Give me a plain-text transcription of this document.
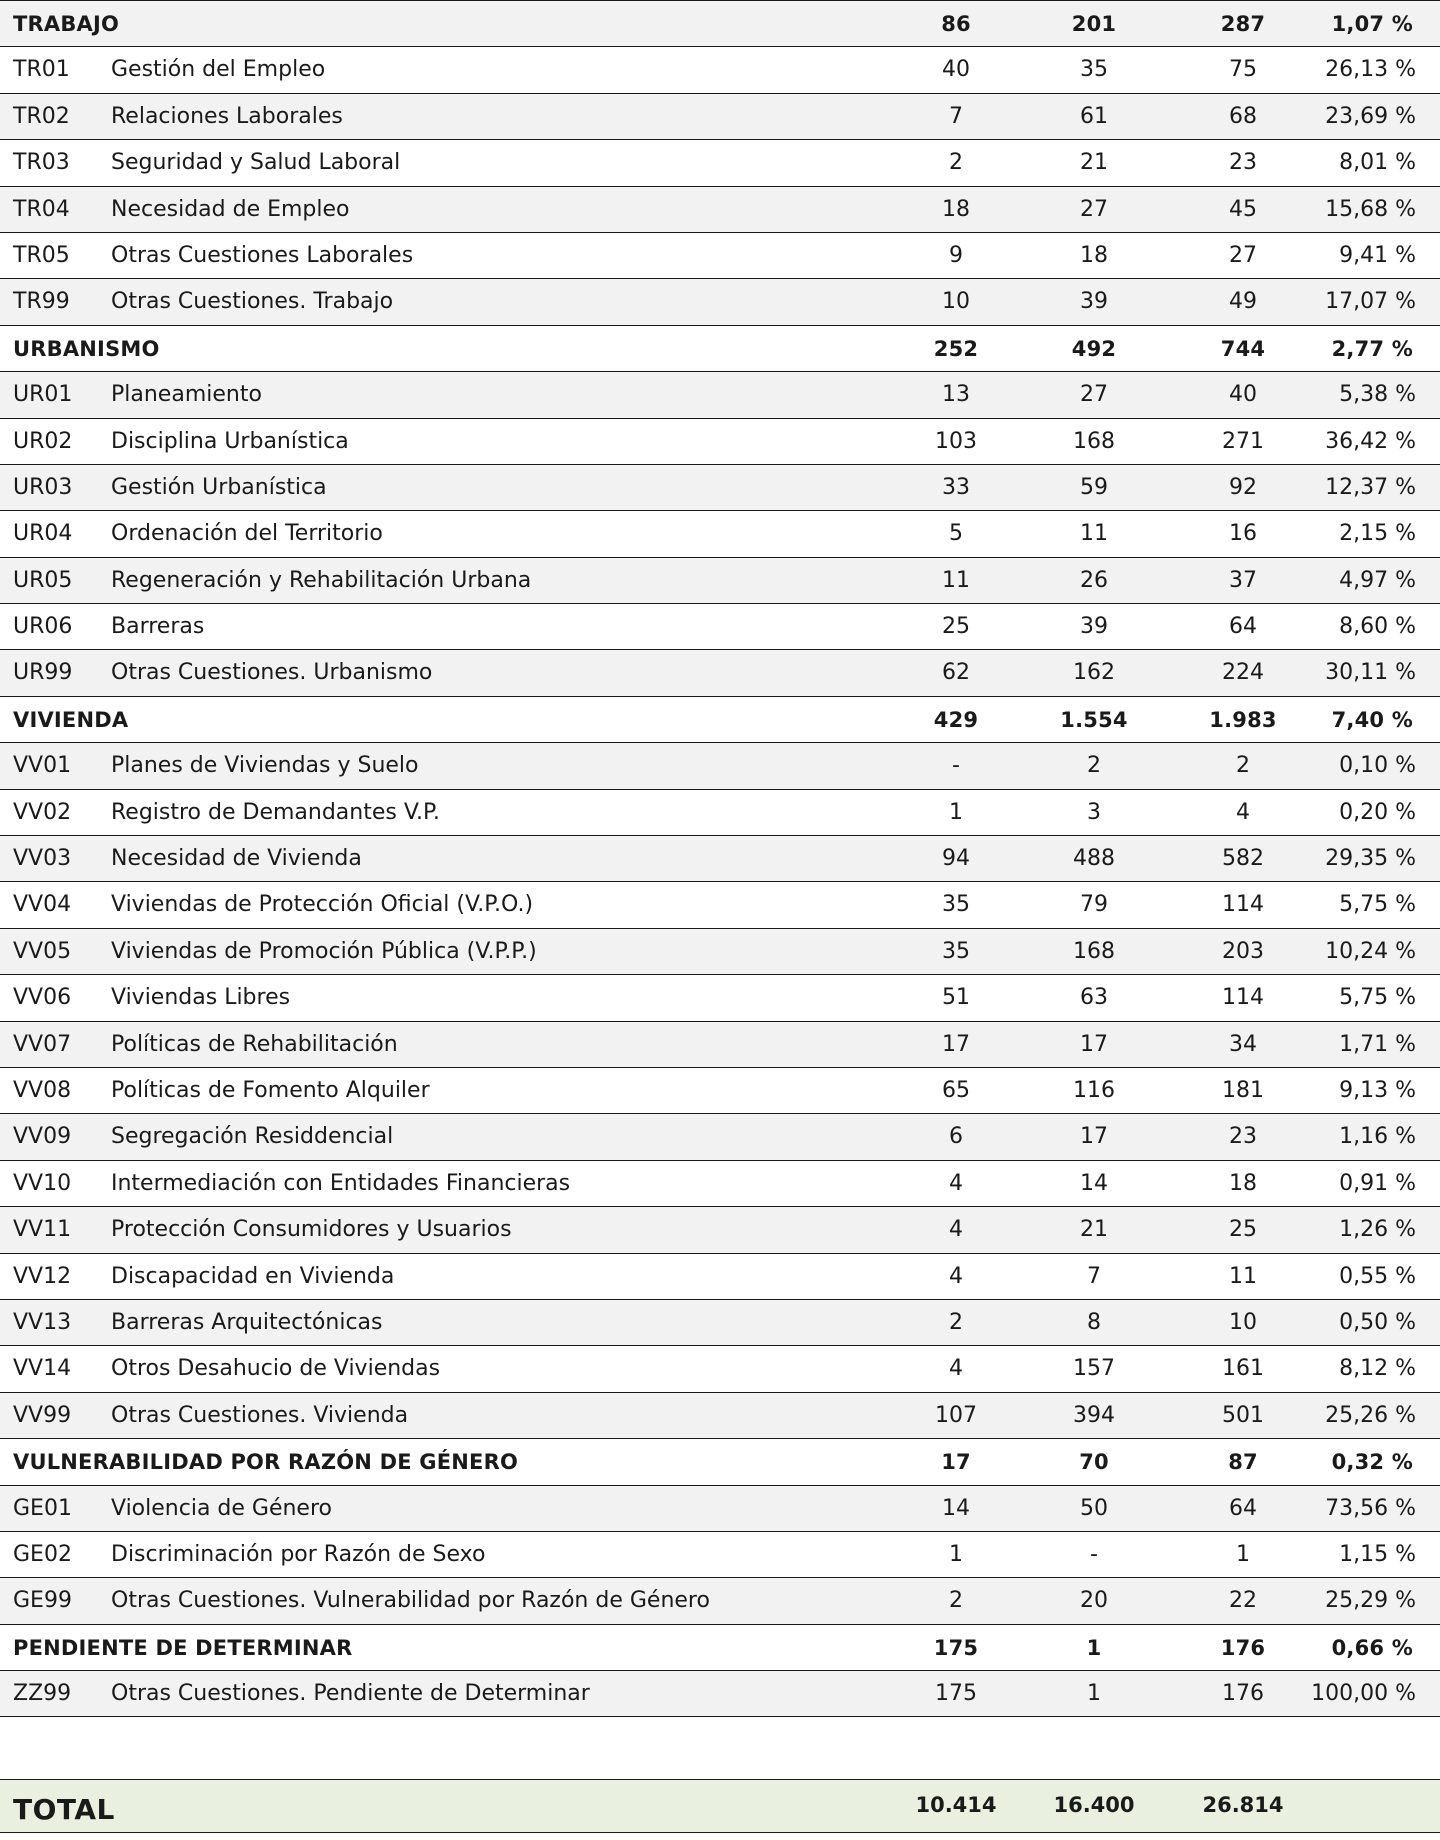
TRABAJO	86	201	287	1,07 %
TR01 Gestión del Empleo	40	35	75	26,13 %
TR02 Relaciones Laborales	7	61	68	23,69 %
TR03 Seguridad y Salud Laboral	2	21	23	8,01 %
TR04 Necesidad de Empleo	18	27	45	15,68 %
TR05 Otras Cuestiones Laborales	9	18	27	9,41 %
TR99 Otras Cuestiones. Trabajo	10	39	49	17,07 %
URBANISMO	252	492	744	2,77 %
UR01 Planeamiento	13	27	40	5,38 %
UR02 Disciplina Urbanística	103	168	271	36,42 %
UR03 Gestión Urbanística	33	59	92	12,37 %
UR04 Ordenación del Territorio	5	11	16	2,15 %
UR05 Regeneración y Rehabilitación Urbana	11	26	37	4,97 %
UR06 Barreras	25	39	64	8,60 %
UR99 Otras Cuestiones. Urbanismo	62	162	224	30,11 %
VIVIENDA	429	1.554	1.983	7,40 %
VV01 Planes de Viviendas y Suelo	-	2	2	0,10 %
VV02 Registro de Demandantes V.P.	1	3	4	0,20 %
VV03 Necesidad de Vivienda	94	488	582	29,35 %
VV04 Viviendas de Protección Oficial (V.P.O.)	35	79	114	5,75 %
VV05 Viviendas de Promoción Pública (V.P.P.)	35	168	203	10,24 %
VV06 Viviendas Libres	51	63	114	5,75 %
VV07 Políticas de Rehabilitación	17	17	34	1,71 %
VV08 Políticas de Fomento Alquiler	65	116	181	9,13 %
VV09 Segregación Residdencial	6	17	23	1,16 %
VV10 Intermediación con Entidades Financieras	4	14	18	0,91 %
VV11 Protección Consumidores y Usuarios	4	21	25	1,26 %
VV12 Discapacidad en Vivienda	4	7	11	0,55 %
VV13 Barreras Arquitectónicas	2	8	10	0,50 %
VV14 Otros Desahucio de Viviendas	4	157	161	8,12 %
VV99 Otras Cuestiones. Vivienda	107	394	501	25,26 %
VULNERABILIDAD POR RAZÓN DE GÉNERO	17	70	87	0,32 %
GE01 Violencia de Género	14	50	64	73,56 %
GE02 Discriminación por Razón de Sexo	1	-	1	1,15 %
GE99 Otras Cuestiones. Vulnerabilidad por Razón de Género	2	20	22	25,29 %
PENDIENTE DE DETERMINAR	175	1	176	0,66 %
ZZ99 Otras Cuestiones. Pendiente de Determinar	175	1	176	100,00 %
TOTAL	10.414	16.400	26.814
